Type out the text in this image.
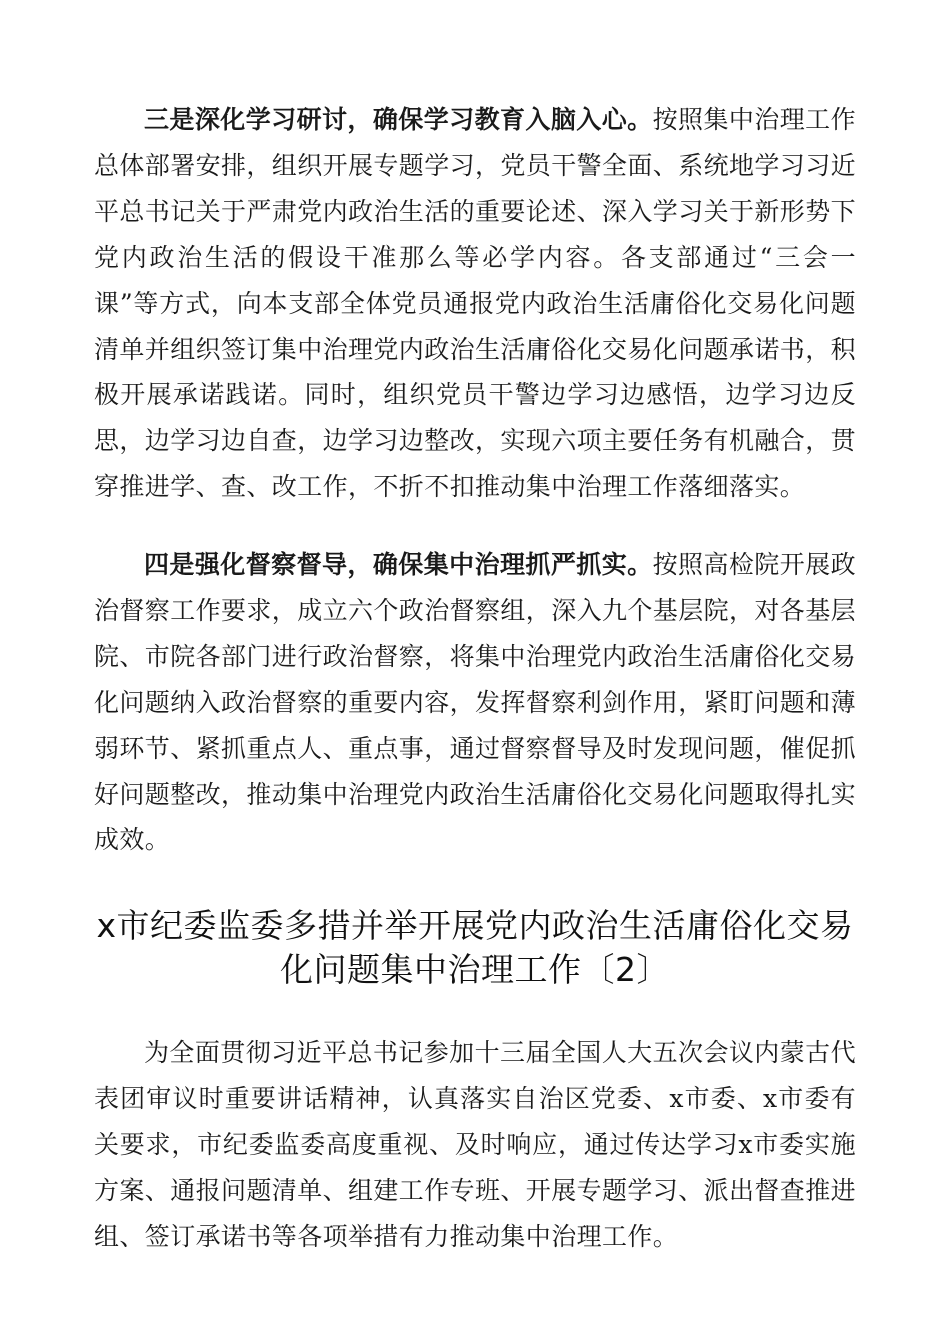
三是深化学习研讨，确保学习教育入脑入心。按照集中治理工作总体部署安排，组织开展专题学习，党员干警全面、系统地学习习近平总书记关于严肃党内政治生活的重要论述、深入学习关于新形势下党内政治生活的假设干准那么等必学内容。各支部通过“三会一课”等方式，向本支部全体党员通报党内政治生活庸俗化交易化问题清单并组织签订集中治理党内政治生活庸俗化交易化问题承诺书，积极开展承诺践诺。同时，组织党员干警边学习边感悟，边学习边反思，边学习边自查，边学习边整改，实现六项主要任务有机融合，贯穿推进学、查、改工作，不折不扣推动集中治理工作落细落实。

四是强化督察督导，确保集中治理抓严抓实。按照高检院开展政治督察工作要求，成立六个政治督察组，深入九个基层院，对各基层院、市院各部门进行政治督察，将集中治理党内政治生活庸俗化交易化问题纳入政治督察的重要内容，发挥督察利剑作用，紧盯问题和薄弱环节、紧抓重点人、重点事，通过督察督导及时发现问题，催促抓好问题整改，推动集中治理党内政治生活庸俗化交易化问题取得扎实成效。

x市纪委监委多措并举开展党内政治生活庸俗化交易化问题集中治理工作〔2〕

为全面贯彻习近平总书记参加十三届全国人大五次会议内蒙古代表团审议时重要讲话精神，认真落实自治区党委、x市委、x市委有关要求，市纪委监委高度重视、及时响应，通过传达学习x市委实施方案、通报问题清单、组建工作专班、开展专题学习、派出督查推进组、签订承诺书等各项举措有力推动集中治理工作。
